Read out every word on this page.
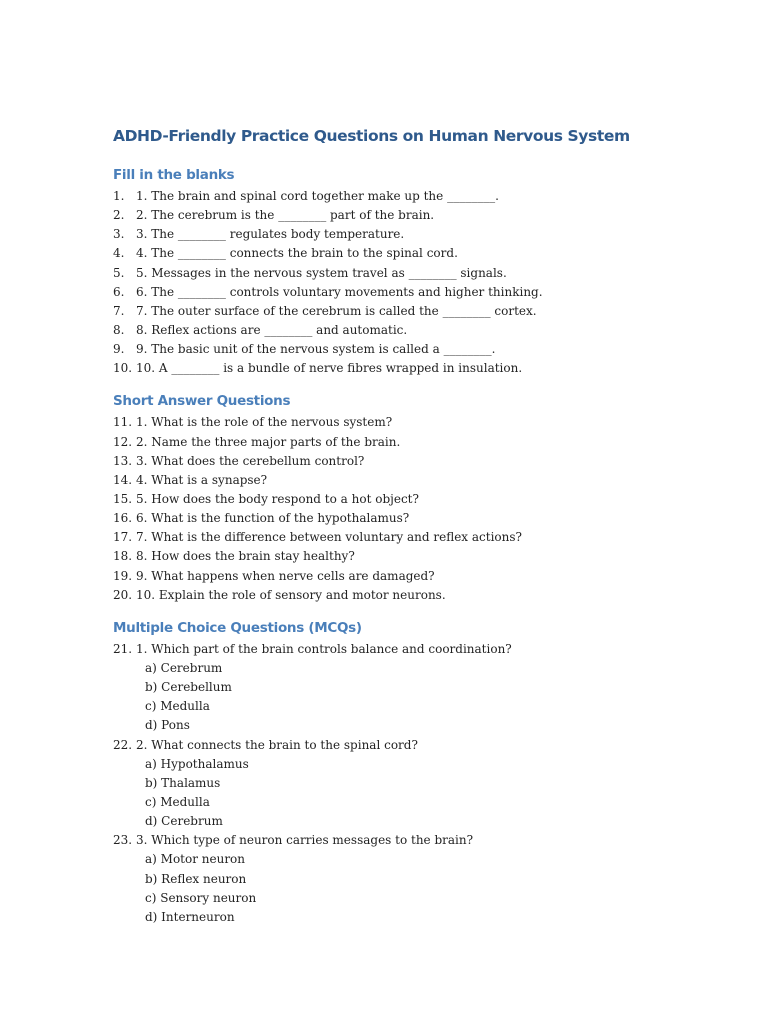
ADHD-Friendly Practice Questions on Human Nervous System
Fill in the blanks
1. 1. The brain and spinal cord together make up the ________.
2. 2. The cerebrum is the ________ part of the brain.
3. 3. The ________ regulates body temperature.
4. 4. The ________ connects the brain to the spinal cord.
5. 5. Messages in the nervous system travel as ________ signals.
6. 6. The ________ controls voluntary movements and higher thinking.
7. 7. The outer surface of the cerebrum is called the ________ cortex.
8. 8. Reflex actions are ________ and automatic.
9. 9. The basic unit of the nervous system is called a ________.
10. 10. A ________ is a bundle of nerve fibres wrapped in insulation.
Short Answer Questions
11. 1. What is the role of the nervous system?
12. 2. Name the three major parts of the brain.
13. 3. What does the cerebellum control?
14. 4. What is a synapse?
15. 5. How does the body respond to a hot object?
16. 6. What is the function of the hypothalamus?
17. 7. What is the difference between voluntary and reflex actions?
18. 8. How does the brain stay healthy?
19. 9. What happens when nerve cells are damaged?
20. 10. Explain the role of sensory and motor neurons.
Multiple Choice Questions (MCQs)
21. 1. Which part of the brain controls balance and coordination?
a) Cerebrum
b) Cerebellum
c) Medulla
d) Pons
22. 2. What connects the brain to the spinal cord?
a) Hypothalamus
b) Thalamus
c) Medulla
d) Cerebrum
23. 3. Which type of neuron carries messages to the brain?
a) Motor neuron
b) Reflex neuron
c) Sensory neuron
d) Interneuron
